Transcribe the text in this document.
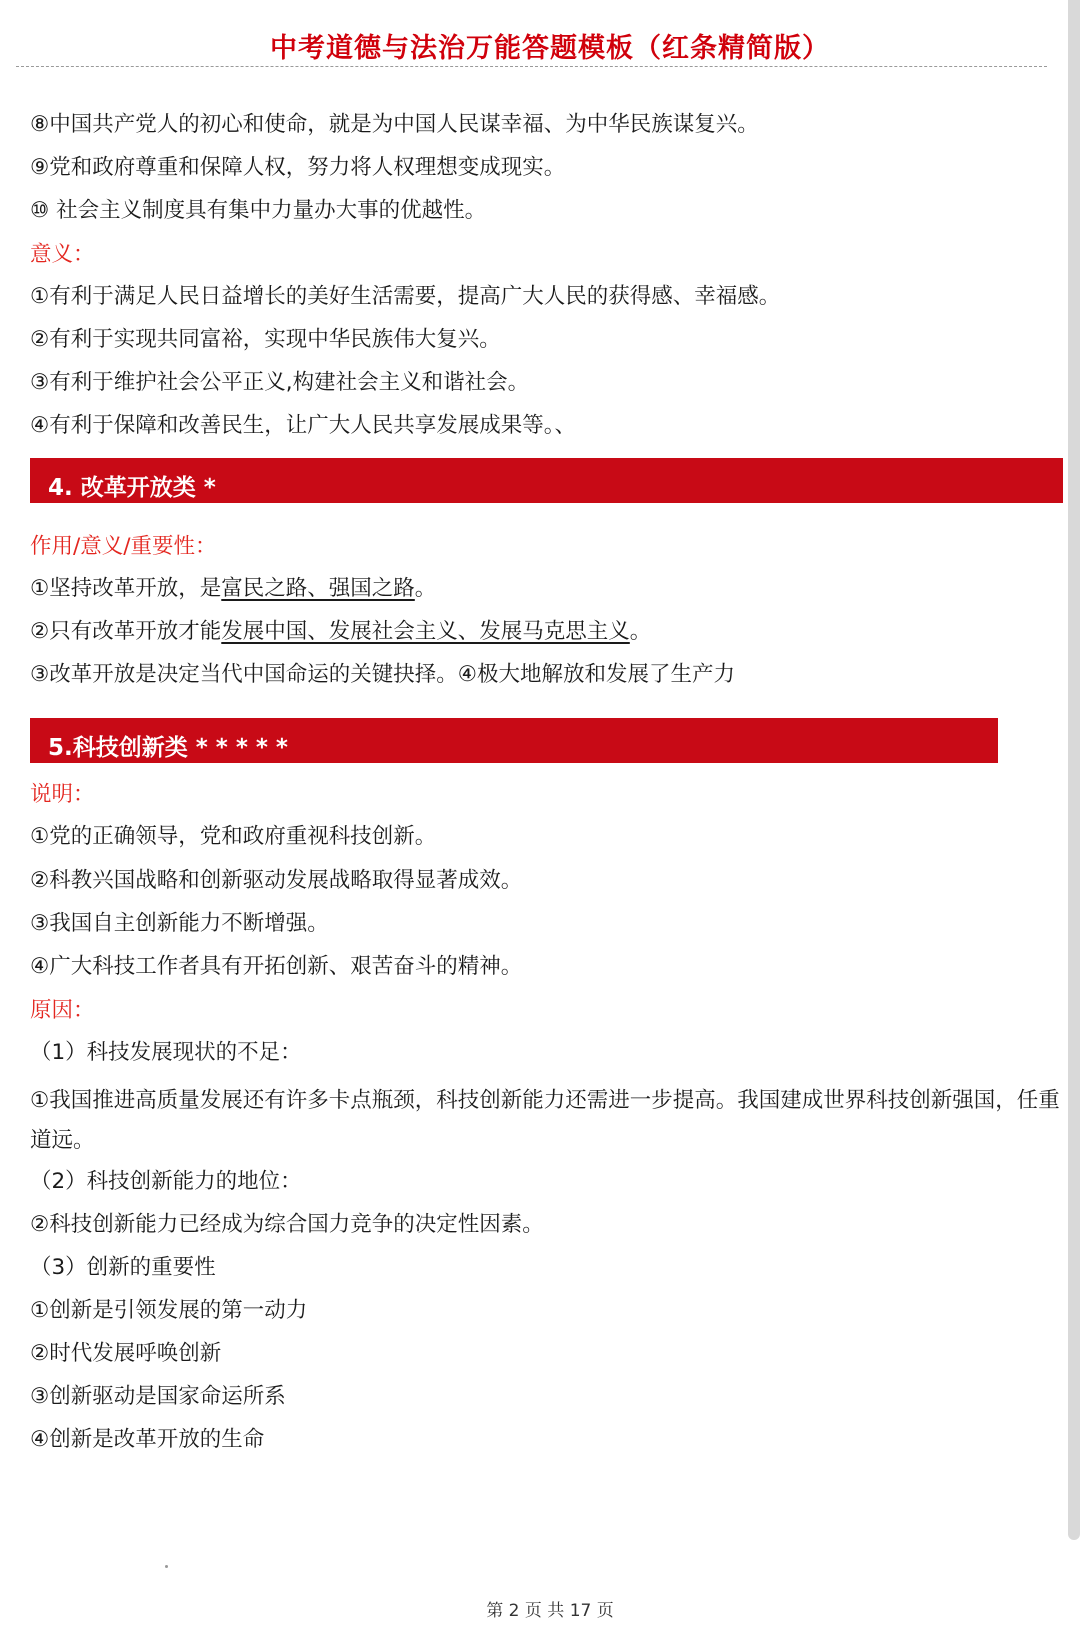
中考道德与法治万能答题模板（红条精简版）
⑧中国共产党人的初心和使命，就是为中国人民谋幸福、为中华民族谋复兴。
⑨党和政府尊重和保障人权，努力将人权理想变成现实。
⑩ 社会主义制度具有集中力量办大事的优越性。
意义：
①有利于满足人民日益增长的美好生活需要，提高广大人民的获得感、幸福感。
②有利于实现共同富裕，实现中华民族伟大复兴。
③有利于维护社会公平正义,构建社会主义和谐社会。
④有利于保障和改善民生，让广大人民共享发展成果等。、
4. 改革开放类 *
作用/意义/重要性：
①坚持改革开放，是富民之路、强国之路。
②只有改革开放才能发展中国、发展社会主义、发展马克思主义。
③改革开放是决定当代中国命运的关键抉择。④极大地解放和发展了生产力
5.科技创新类 * * * * *
说明：
①党的正确领导，党和政府重视科技创新。
②科教兴国战略和创新驱动发展战略取得显著成效。
③我国自主创新能力不断增强。
④广大科技工作者具有开拓创新、艰苦奋斗的精神。
原因：
（1）科技发展现状的不足：
①我国推进高质量发展还有许多卡点瓶颈，科技创新能力还需进一步提高。我国建成世界科技创新强国，任重道远。
（2）科技创新能力的地位：
②科技创新能力已经成为综合国力竞争的决定性因素。
（3）创新的重要性
①创新是引领发展的第一动力
②时代发展呼唤创新
③创新驱动是国家命运所系
④创新是改革开放的生命
第 2 页 共 17 页
